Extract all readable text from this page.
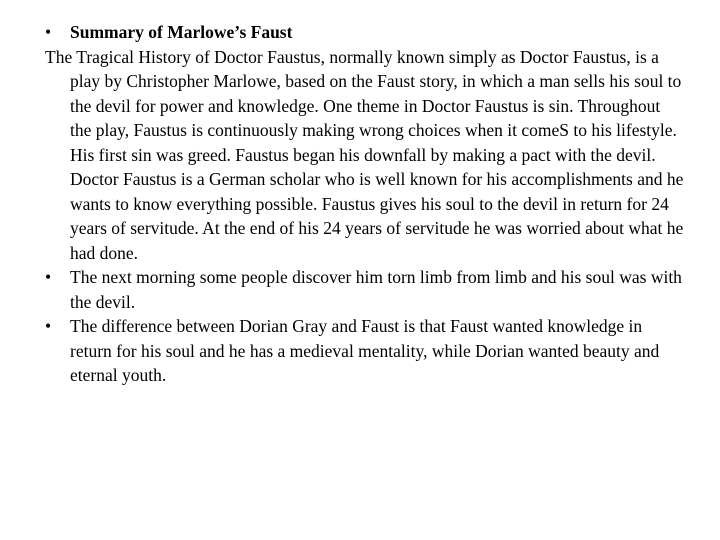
•	Summary of Marlowe’s Faust
The Tragical History of Doctor Faustus, normally known simply as Doctor Faustus, is a play by Christopher Marlowe, based on the Faust story, in which a man sells his soul to the devil for power and knowledge. One theme in Doctor Faustus is sin. Throughout the play, Faustus is continuously making wrong choices when it comeS to his lifestyle. His first sin was greed. Faustus began his downfall by making a pact with the devil. Doctor Faustus is a German scholar who is well known for his accomplishments and he wants to know everything possible. Faustus gives his soul to the devil in return for 24 years of servitude. At the end of his 24 years of servitude he was worried about what he had done.
•	The next morning some people discover him torn limb from limb and his soul was with the devil.
•	The difference between Dorian Gray and Faust is that Faust wanted knowledge in return for his soul and he has a medieval mentality, while Dorian wanted beauty and eternal youth.
